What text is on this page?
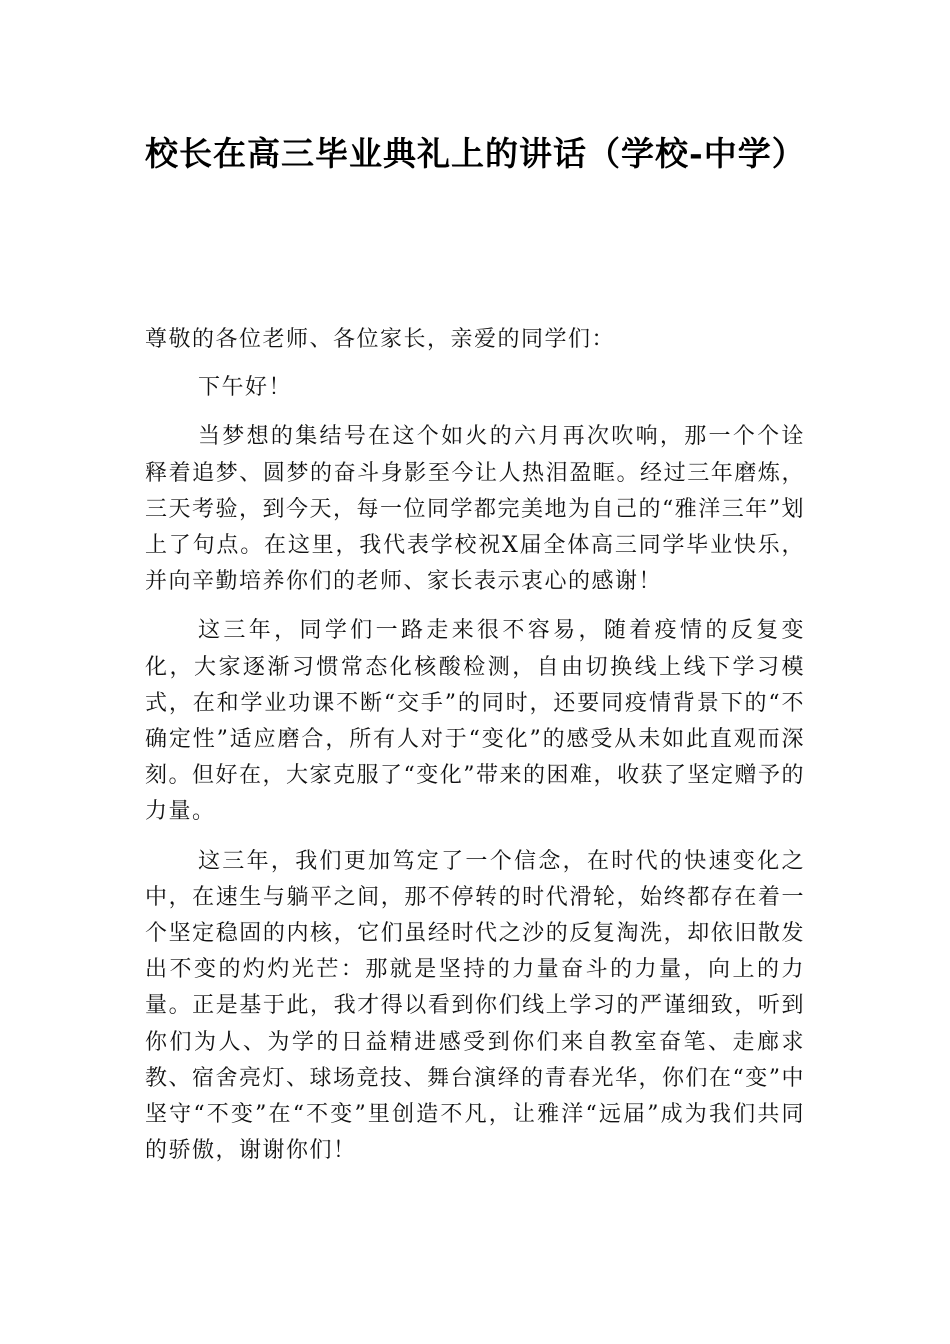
校长在高三毕业典礼上的讲话（学校-中学）

尊敬的各位老师、各位家长，亲爱的同学们：

下午好！

当梦想的集结号在这个如火的六月再次吹响，那一个个诠释着追梦、圆梦的奋斗身影至今让人热泪盈眶。经过三年磨炼，三天考验，到今天，每一位同学都完美地为自己的“雅洋三年”划上了句点。在这里，我代表学校祝X届全体高三同学毕业快乐，并向辛勤培养你们的老师、家长表示衷心的感谢！

这三年，同学们一路走来很不容易，随着疫情的反复变化，大家逐渐习惯常态化核酸检测，自由切换线上线下学习模式，在和学业功课不断“交手”的同时，还要同疫情背景下的“不确定性”适应磨合，所有人对于“变化”的感受从未如此直观而深刻。但好在，大家克服了“变化”带来的困难，收获了坚定赠予的力量。

这三年，我们更加笃定了一个信念，在时代的快速变化之中，在速生与躺平之间，那不停转的时代滑轮，始终都存在着一个坚定稳固的内核，它们虽经时代之沙的反复淘洗，却依旧散发出不变的灼灼光芒：那就是坚持的力量奋斗的力量，向上的力量。正是基于此，我才得以看到你们线上学习的严谨细致，听到你们为人、为学的日益精进感受到你们来自教室奋笔、走廊求教、宿舍亮灯、球场竞技、舞台演绎的青春光华，你们在“变”中坚守“不变”在“不变”里创造不凡，让雅洋“远届”成为我们共同的骄傲，谢谢你们！
